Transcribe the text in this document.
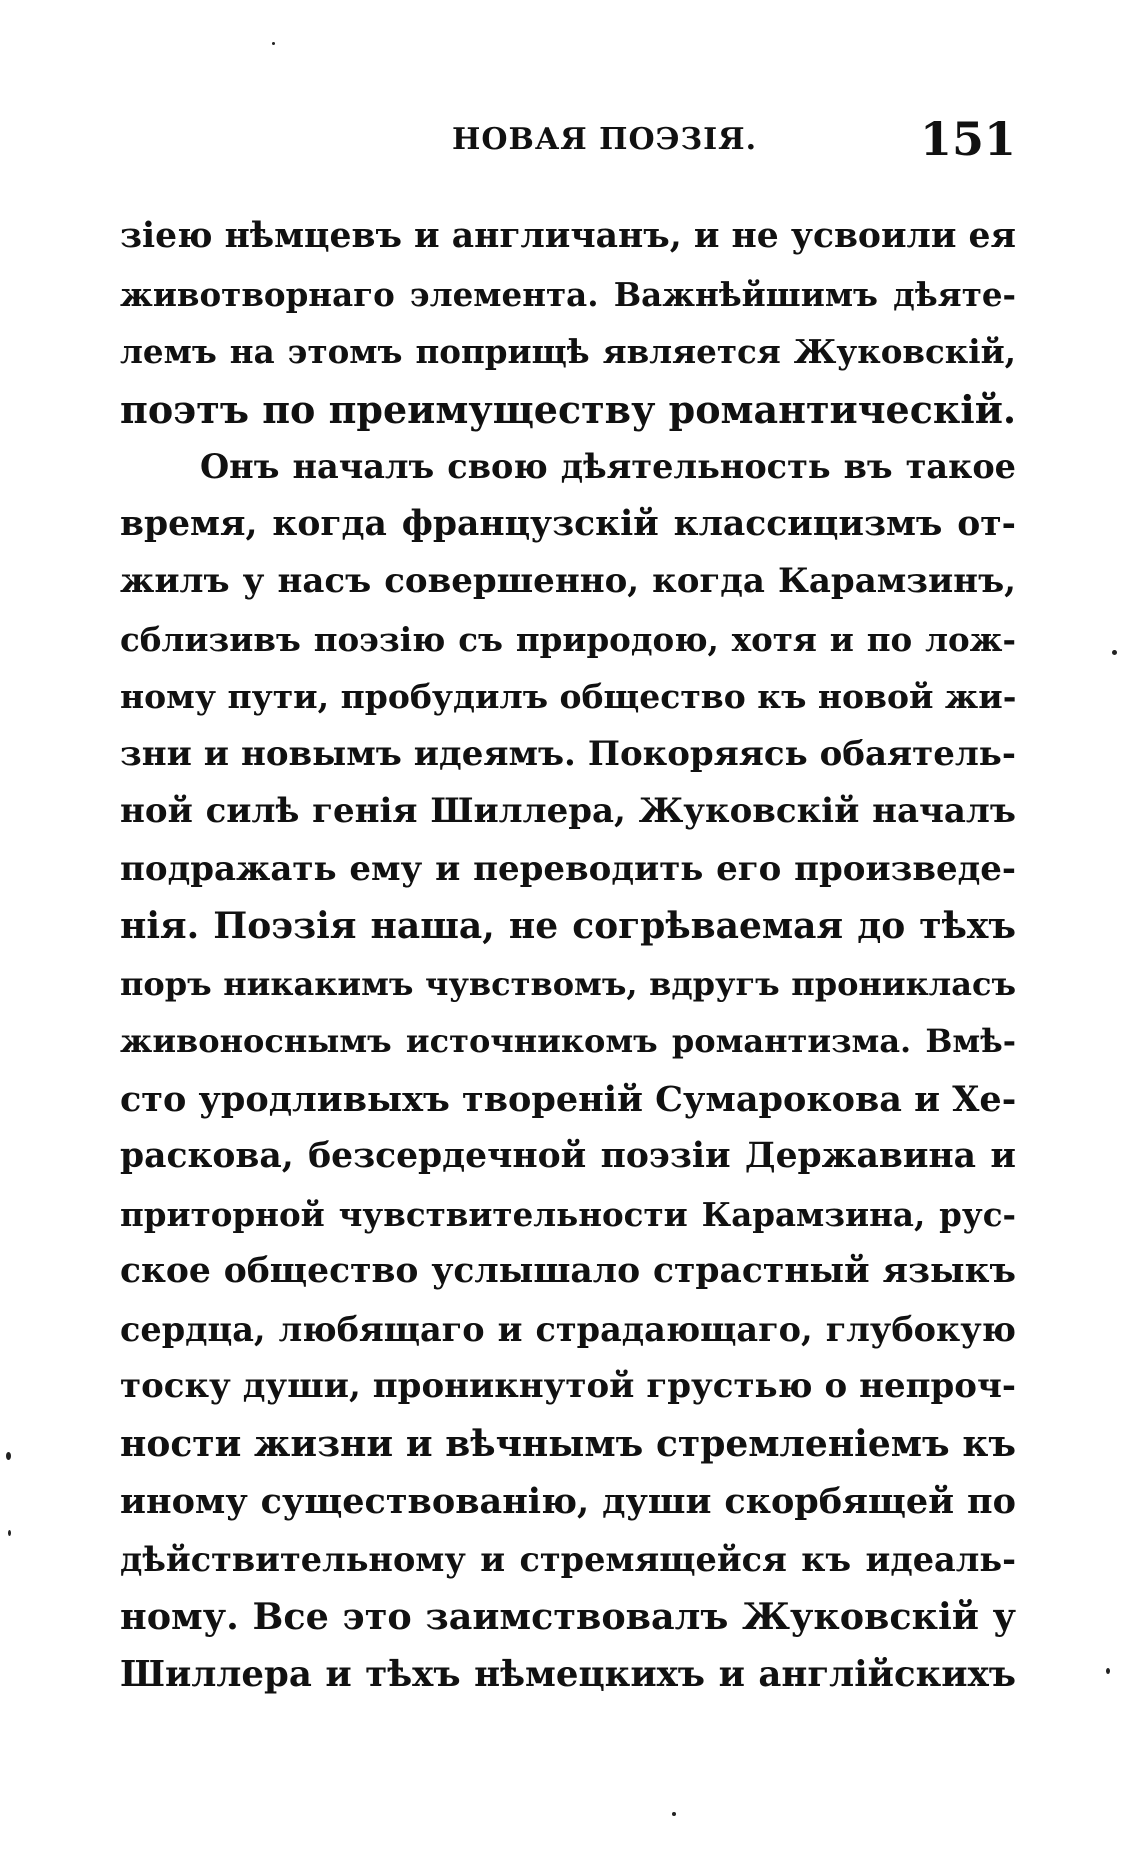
НОВАЯ ПОЭЗІЯ.	151
зіею нѣмцевъ и англичанъ, и не усвоили ея
животворнаго элемента. Важнѣйшимъ дѣяте-
лемъ на этомъ поприщѣ является Жуковскій,
поэтъ по преимуществу романтическій.
Онъ началъ свою дѣятельность въ такое
время, когда французскій классицизмъ от-
жилъ у насъ совершенно, когда Карамзинъ,
сблизивъ поэзію съ природою, хотя и по лож-
ному пути, пробудилъ общество къ новой жи-
зни и новымъ идеямъ. Покоряясь обаятель-
ной силѣ генія Шиллера, Жуковскій началъ
подражать ему и переводить его произведе-
нія. Поэзія наша, не согрѣваемая до тѣхъ
поръ никакимъ чувствомъ, вдругъ проникласъ
живоноснымъ источникомъ романтизма. Вмѣ-
сто уродливыхъ твореній Сумарокова и Хе-
раскова, безсердечной поэзіи Державина и
приторной чувствительности Карамзина, рус-
ское общество услышало страстный языкъ
сердца, любящаго и страдающаго, глубокую
тоску души, проникнутой грустью о непроч-
ности жизни и вѣчнымъ стремленіемъ къ
иному существованію, души скорбящей по
дѣйствительному и стремящейся къ идеаль-
ному. Все это заимствовалъ Жуковскій у
Шиллера и тѣхъ нѣмецкихъ и англійскихъ
